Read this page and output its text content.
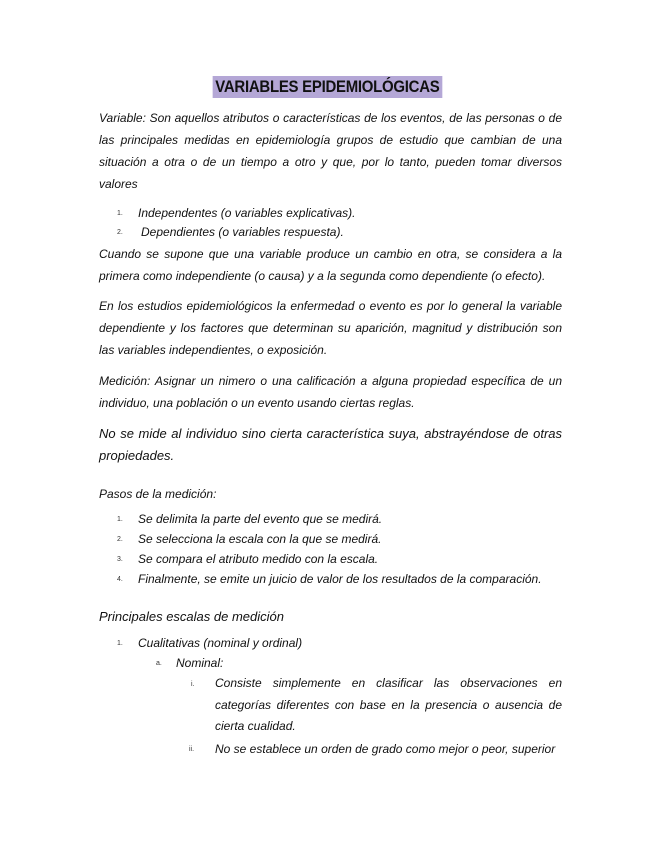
VARIABLES EPIDEMIOLÓGICAS

Variable: Son aquellos atributos o características de los eventos, de las personas o de las principales medidas en epidemiología grupos de estudio que cambian de una situación a otra o de un tiempo a otro y que, por lo tanto, pueden tomar diversos valores

1. Independentes (o variables explicativas).
2. Dependientes (o variables respuesta).

Cuando se supone que una variable produce un cambio en otra, se considera a la primera como independiente (o causa) y a la segunda como dependiente (o efecto).

En los estudios epidemiológicos la enfermedad o evento es por lo general la variable dependiente y los factores que determinan su aparición, magnitud y distribución son las variables independientes, o exposición.

Medición: Asignar un nimero o una calificación a alguna propiedad específica de un individuo, una población o un evento usando ciertas reglas.

No se mide al individuo sino cierta característica suya, abstrayéndose de otras propiedades.

Pasos de la medición:
1. Se delimita la parte del evento que se medirá.
2. Se selecciona la escala con la que se medirá.
3. Se compara el atributo medido con la escala.
4. Finalmente, se emite un juicio de valor de los resultados de la comparación.
Principales escalas de medición
1. Cualitativas (nominal y ordinal)
a. Nominal:
i. Consiste simplemente en clasificar las observaciones en categorías diferentes con base en la presencia o ausencia de cierta cualidad.

ii. No se establece un orden de grado como mejor o peor, superior
